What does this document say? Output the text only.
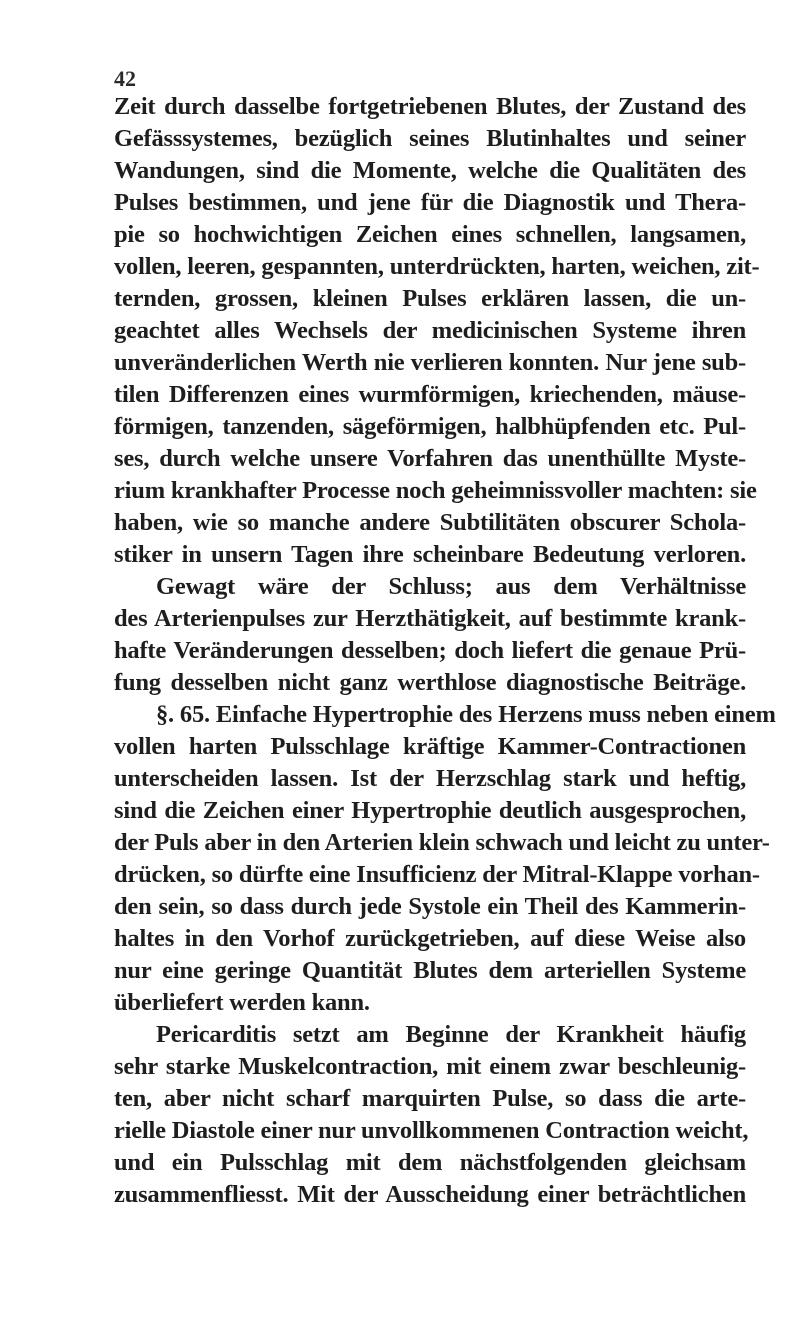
42
Zeit durch dasselbe fortgetriebenen Blutes, der Zustand des
Gefässsystemes, bezüglich seines Blutinhaltes und seiner
Wandungen, sind die Momente, welche die Qualitäten des
Pulses bestimmen, und jene für die Diagnostik und Thera-
pie so hochwichtigen Zeichen eines schnellen, langsamen,
vollen, leeren, gespannten, unterdrückten, harten, weichen, zit-
ternden, grossen, kleinen Pulses erklären lassen, die un-
geachtet alles Wechsels der medicinischen Systeme ihren
unveränderlichen Werth nie verlieren konnten. Nur jene sub-
tilen Differenzen eines wurmförmigen, kriechenden, mäuse-
förmigen, tanzenden, sägeförmigen, halbhüpfenden etc. Pul-
ses, durch welche unsere Vorfahren das unenthüllte Myste-
rium krankhafter Processe noch geheimnissvoller machten: sie
haben, wie so manche andere Subtilitäten obscurer Schola-
stiker in unsern Tagen ihre scheinbare Bedeutung verloren.
Gewagt wäre der Schluss; aus dem Verhältnisse
des Arterienpulses zur Herzthätigkeit, auf bestimmte krank-
hafte Veränderungen desselben; doch liefert die genaue Prü-
fung desselben nicht ganz werthlose diagnostische Beiträge.
§. 65. Einfache Hypertrophie des Herzens muss neben einem
vollen harten Pulsschlage kräftige Kammer-Contractionen
unterscheiden lassen. Ist der Herzschlag stark und heftig,
sind die Zeichen einer Hypertrophie deutlich ausgesprochen,
der Puls aber in den Arterien klein schwach und leicht zu unter-
drücken, so dürfte eine Insufficienz der Mitral-Klappe vorhan-
den sein, so dass durch jede Systole ein Theil des Kammerin-
haltes in den Vorhof zurückgetrieben, auf diese Weise also
nur eine geringe Quantität Blutes dem arteriellen Systeme
überliefert werden kann.
Pericarditis setzt am Beginne der Krankheit häufig
sehr starke Muskelcontraction, mit einem zwar beschleunig-
ten, aber nicht scharf marquirten Pulse, so dass die arte-
rielle Diastole einer nur unvollkommenen Contraction weicht,
und ein Pulsschlag mit dem nächstfolgenden gleichsam
zusammenfliesst. Mit der Ausscheidung einer beträchtlichen
